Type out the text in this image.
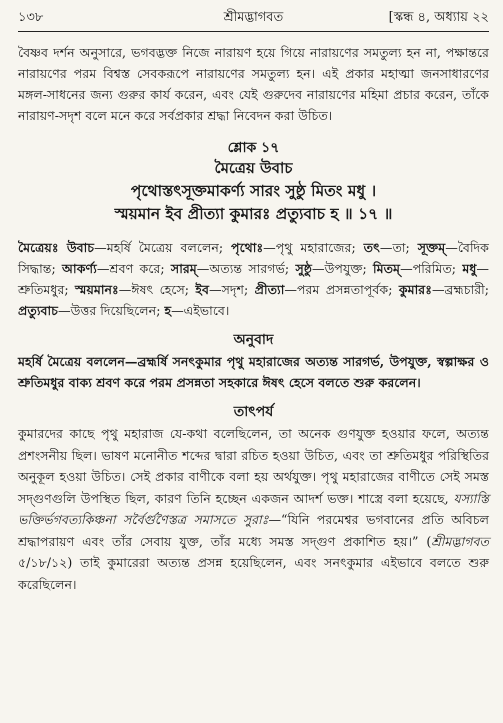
১৩৮	শ্রীমদ্ভাগবত	[স্কন্ধ ৪, অধ্যায় ২২

বৈষ্ণব দর্শন অনুসারে, ভগবদ্ভক্ত নিজে নারায়ণ হয়ে গিয়ে নারায়ণের সমতুল্য হন না, পক্ষান্তরে নারায়ণের পরম বিশ্বস্ত সেবকরূপে নারায়ণের সমতুল্য হন। এই প্রকার মহাত্মা জনসাধারণের মঙ্গল-সাধনের জন্য গুরুর কার্য করেন, এবং যেই গুরুদেব নারায়ণের মহিমা প্রচার করেন, তাঁকে নারায়ণ-সদৃশ বলে মনে করে সর্বপ্রকার শ্রদ্ধা নিবেদন করা উচিত।

শ্লোক ১৭
মৈত্রেয় উবাচ
পৃথোস্তৎসূক্তমাকর্ণ্য সারং সুষ্ঠু মিতং মধু ।
স্ময়মান ইব প্রীত্যা কুমারঃ প্রত্যুবাচ হ ॥ ১৭ ॥

মৈত্রেয়ঃ উবাচ—মহর্ষি মৈত্রেয় বললেন; পৃথোঃ—পৃথু মহারাজের; তৎ—তা; সূক্তম্—বৈদিক সিদ্ধান্ত; আকর্ণ্য—শ্রবণ করে; সারম্—অত্যন্ত সারগর্ভ; সুষ্ঠু—উপযুক্ত; মিতম্—পরিমিত; মধু—শ্রুতিমধুর; স্ময়মানঃ—ঈষৎ হেসে; ইব—সদৃশ; প্রীত্যা—পরম প্রসন্নতাপূর্বক; কুমারঃ—ব্রহ্মচারী; প্রত্যুবাচ—উত্তর দিয়েছিলেন; হ—এইভাবে।

অনুবাদ

মহর্ষি মৈত্রেয় বললেন—ব্রহ্মর্ষি সনৎকুমার পৃথু মহারাজের অত্যন্ত সারগর্ভ, উপযুক্ত, স্বল্পাক্ষর ও শ্রুতিমধুর বাক্য শ্রবণ করে পরম প্রসন্নতা সহকারে ঈষৎ হেসে বলতে শুরু করলেন।

তাৎপর্য

কুমারদের কাছে পৃথু মহারাজ যে-কথা বলেছিলেন, তা অনেক গুণযুক্ত হওয়ার ফলে, অত্যন্ত প্রশংসনীয় ছিল। ভাষণ মনোনীত শব্দের দ্বারা রচিত হওয়া উচিত, এবং তা শ্রুতিমধুর পরিস্থিতির অনুকূল হওয়া উচিত। সেই প্রকার বাণীকে বলা হয় অর্থযুক্ত। পৃথু মহারাজের বাণীতে সেই সমস্ত সদ্গুণগুলি উপস্থিত ছিল, কারণ তিনি হচ্ছেন একজন আদর্শ ভক্ত। শাস্ত্রে বলা হয়েছে, যস্যাস্তি ভক্তির্ভগবত্যকিঞ্চনা সর্বৈর্গুণৈস্তত্র সমাসতে সুরাঃ—“যিনি পরমেশ্বর ভগবানের প্রতি অবিচল শ্রদ্ধাপরায়ণ এবং তাঁর সেবায় যুক্ত, তাঁর মধ্যে সমস্ত সদ্গুণ প্রকাশিত হয়।” (শ্রীমদ্ভাগবত ৫/১৮/১২) তাই কুমারেরা অত্যন্ত প্রসন্ন হয়েছিলেন, এবং সনৎকুমার এইভাবে বলতে শুরু করেছিলেন।
